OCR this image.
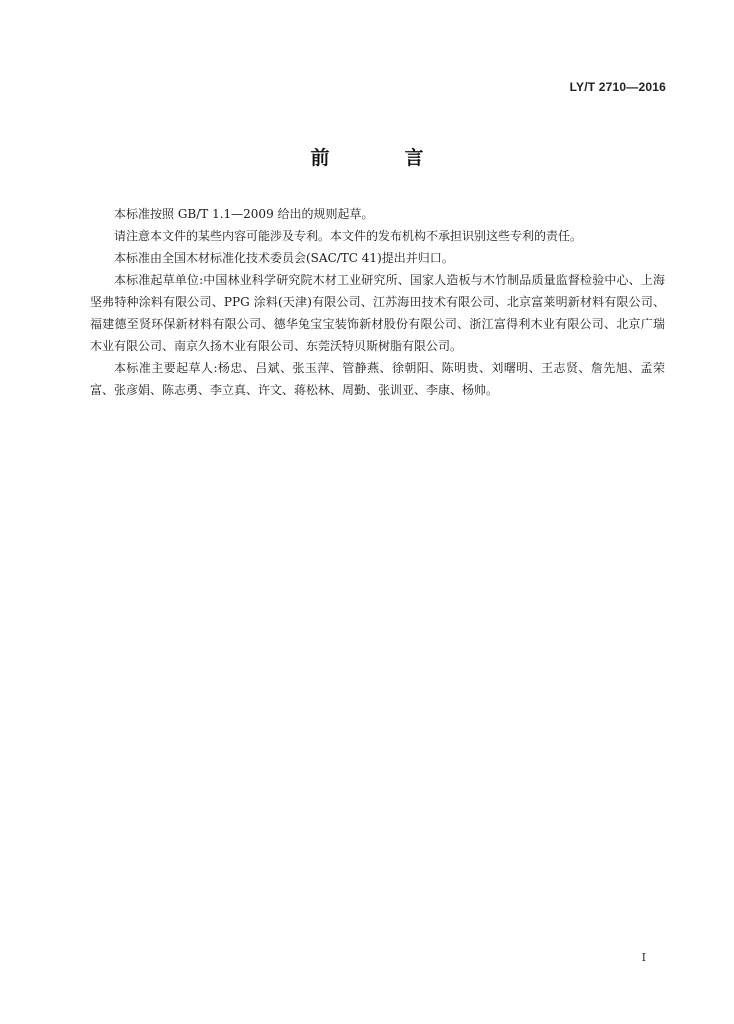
LY/T 2710—2016
前　言

本标准按照 GB/T 1.1—2009 给出的规则起草。

请注意本文件的某些内容可能涉及专利。本文件的发布机构不承担识别这些专利的责任。

本标准由全国木材标准化技术委员会(SAC/TC 41)提出并归口。

本标准起草单位:中国林业科学研究院木材工业研究所、国家人造板与木竹制品质量监督检验中心、上海坚弗特种涂料有限公司、PPG 涂料(天津)有限公司、江苏海田技术有限公司、北京富莱明新材料有限公司、福建德至贤环保新材料有限公司、德华兔宝宝装饰新材股份有限公司、浙江富得利木业有限公司、北京广瑞木业有限公司、南京久扬木业有限公司、东莞沃特贝斯树脂有限公司。

本标准主要起草人:杨忠、吕斌、张玉萍、管静燕、徐朝阳、陈明贵、刘曙明、王志贤、詹先旭、孟荣富、张彦娟、陈志勇、李立真、许文、蒋松林、周勤、张训亚、李康、杨帅。

I
